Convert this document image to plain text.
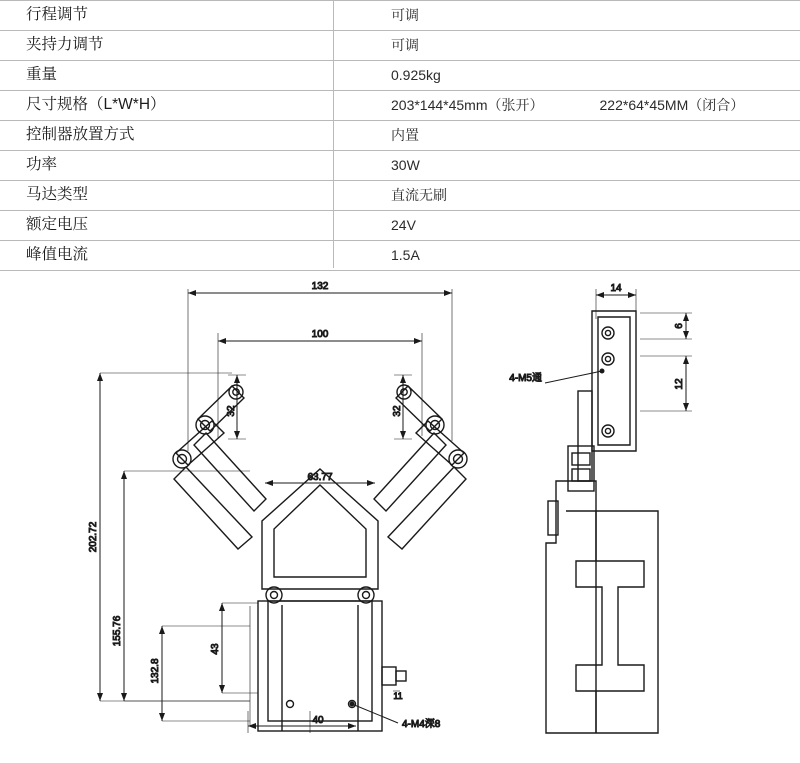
行程调节	可调
夹持力调节	可调
重量	0.925kg
尺寸规格（L*W*H）	203*144*45mm（张开） 222*64*45MM（闭合）
控制器放置方式	内置
功率	30W
马达类型	直流无刷
额定电压	24V
峰值电流	1.5A
132
100
32	32
63.77
202.72
155.76
132.8
43
40
11
4-M4深8
14
6
12
4-M5通
